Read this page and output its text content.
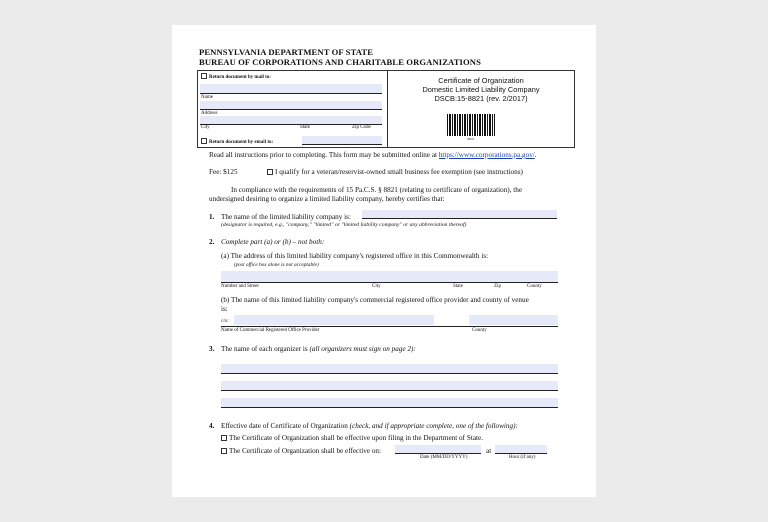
PENNSYLVANIA DEPARTMENT OF STATE
BUREAU OF CORPORATIONS AND CHARITABLE ORGANIZATIONS
Return document by mail to:
Name
Address
City	State	Zip Code
Return document by email to:
Certificate of Organization
Domestic Limited Liability Company
DSCB:15-8821 (rev. 2/2017)
8821
Read all instructions prior to completing. This form may be submitted online at https://www.corporations.pa.gov/.
Fee: $125	I qualify for a veteran/reservist-owned small business fee exemption (see instructions)
In compliance with the requirements of 15 Pa.C.S. § 8821 (relating to certificate of organization), the
undersigned desiring to organize a limited liability company, hereby certifies that:
1. The name of the limited liability company is:
(designator is required, e.g., "company," "limited" or "limited liability company" or any abbreviation thereof)
2. Complete part (a) or (b) – not both:
(a) The address of this limited liability company's registered office in this Commonwealth is:
(post office box alone is not acceptable)
Number and Street	City	State	Zip	County
(b) The name of this limited liability company's commercial registered office provider and county of venue
is:
c/o:
Name of Commercial Registered Office Provider	County
3. The name of each organizer is (all organizers must sign on page 2):
4. Effective date of Certificate of Organization (check, and if appropriate complete, one of the following):
The Certificate of Organization shall be effective upon filing in the Department of State.
The Certificate of Organization shall be effective on:	at
Date (MM/DD/YYYY)	Hour (if any)
